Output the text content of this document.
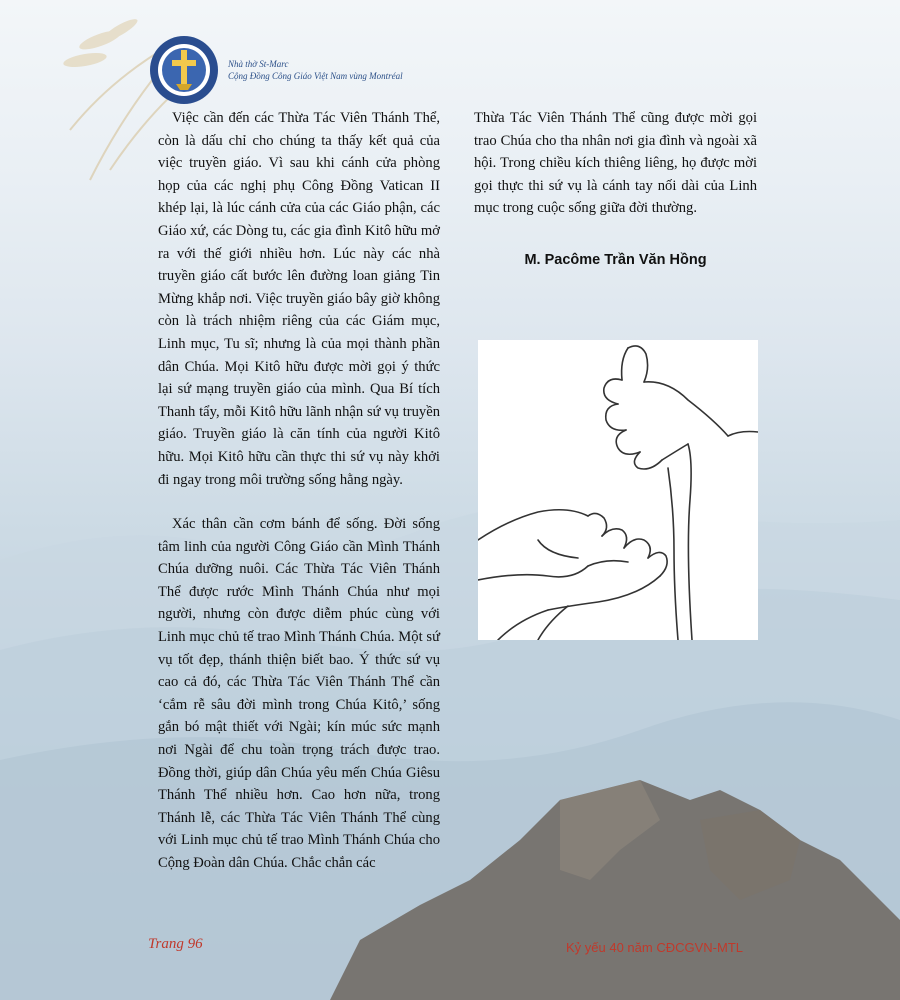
Nhà thờ St-Marc
Cộng Đồng Công Giáo Việt Nam vùng Montréal

Việc cần đến các Thừa Tác Viên Thánh Thể, còn là dấu chỉ cho chúng ta thấy kết quả của việc truyền giáo. Vì sau khi cánh cửa phòng họp của các nghị phụ Công Đồng Vatican II khép lại, là lúc cánh cửa của các Giáo phận, các Giáo xứ, các Dòng tu, các gia đình Kitô hữu mở ra với thế giới nhiều hơn. Lúc này các nhà truyền giáo cất bước lên đường loan giảng Tin Mừng khắp nơi. Việc truyền giáo bây giờ không còn là trách nhiệm riêng của các Giám mục, Linh mục, Tu sĩ; nhưng là của mọi thành phần dân Chúa. Mọi Kitô hữu được mời gọi ý thức lại sứ mạng truyền giáo của mình. Qua Bí tích Thanh tẩy, mỗi Kitô hữu lãnh nhận sứ vụ truyền giáo. Truyền giáo là căn tính của người Kitô hữu. Mọi Kitô hữu cần thực thi sứ vụ này khởi đi ngay trong môi trường sống hằng ngày.

Xác thân cần cơm bánh để sống. Đời sống tâm linh của người Công Giáo cần Mình Thánh Chúa dưỡng nuôi. Các Thừa Tác Viên Thánh Thể được rước Mình Thánh Chúa như mọi người, nhưng còn được diễm phúc cùng với Linh mục chủ tế trao Mình Thánh Chúa. Một sứ vụ tốt đẹp, thánh thiện biết bao. Ý thức sứ vụ cao cả đó, các Thừa Tác Viên Thánh Thể cần ‘cắm rễ sâu đời mình trong Chúa Kitô,’ sống gắn bó mật thiết với Ngài; kín múc sức mạnh nơi Ngài để chu toàn trọng trách được trao. Đồng thời, giúp dân Chúa yêu mến Chúa Giêsu Thánh Thể nhiều hơn. Cao hơn nữa, trong Thánh lễ, các Thừa Tác Viên Thánh Thể cùng với Linh mục chủ tế trao Mình Thánh Chúa cho Cộng Đoàn dân Chúa. Chắc chắn các

Thừa Tác Viên Thánh Thể cũng được mời gọi trao Chúa cho tha nhân nơi gia đình và ngoài xã hội. Trong chiều kích thiêng liêng, họ được mời gọi thực thi sứ vụ là cánh tay nối dài của Linh mục trong cuộc sống giữa đời thường.

M. Pacôme Trần Văn Hồng
Trang 96	Kỷ yếu 40 năm CĐCGVN-MTL
